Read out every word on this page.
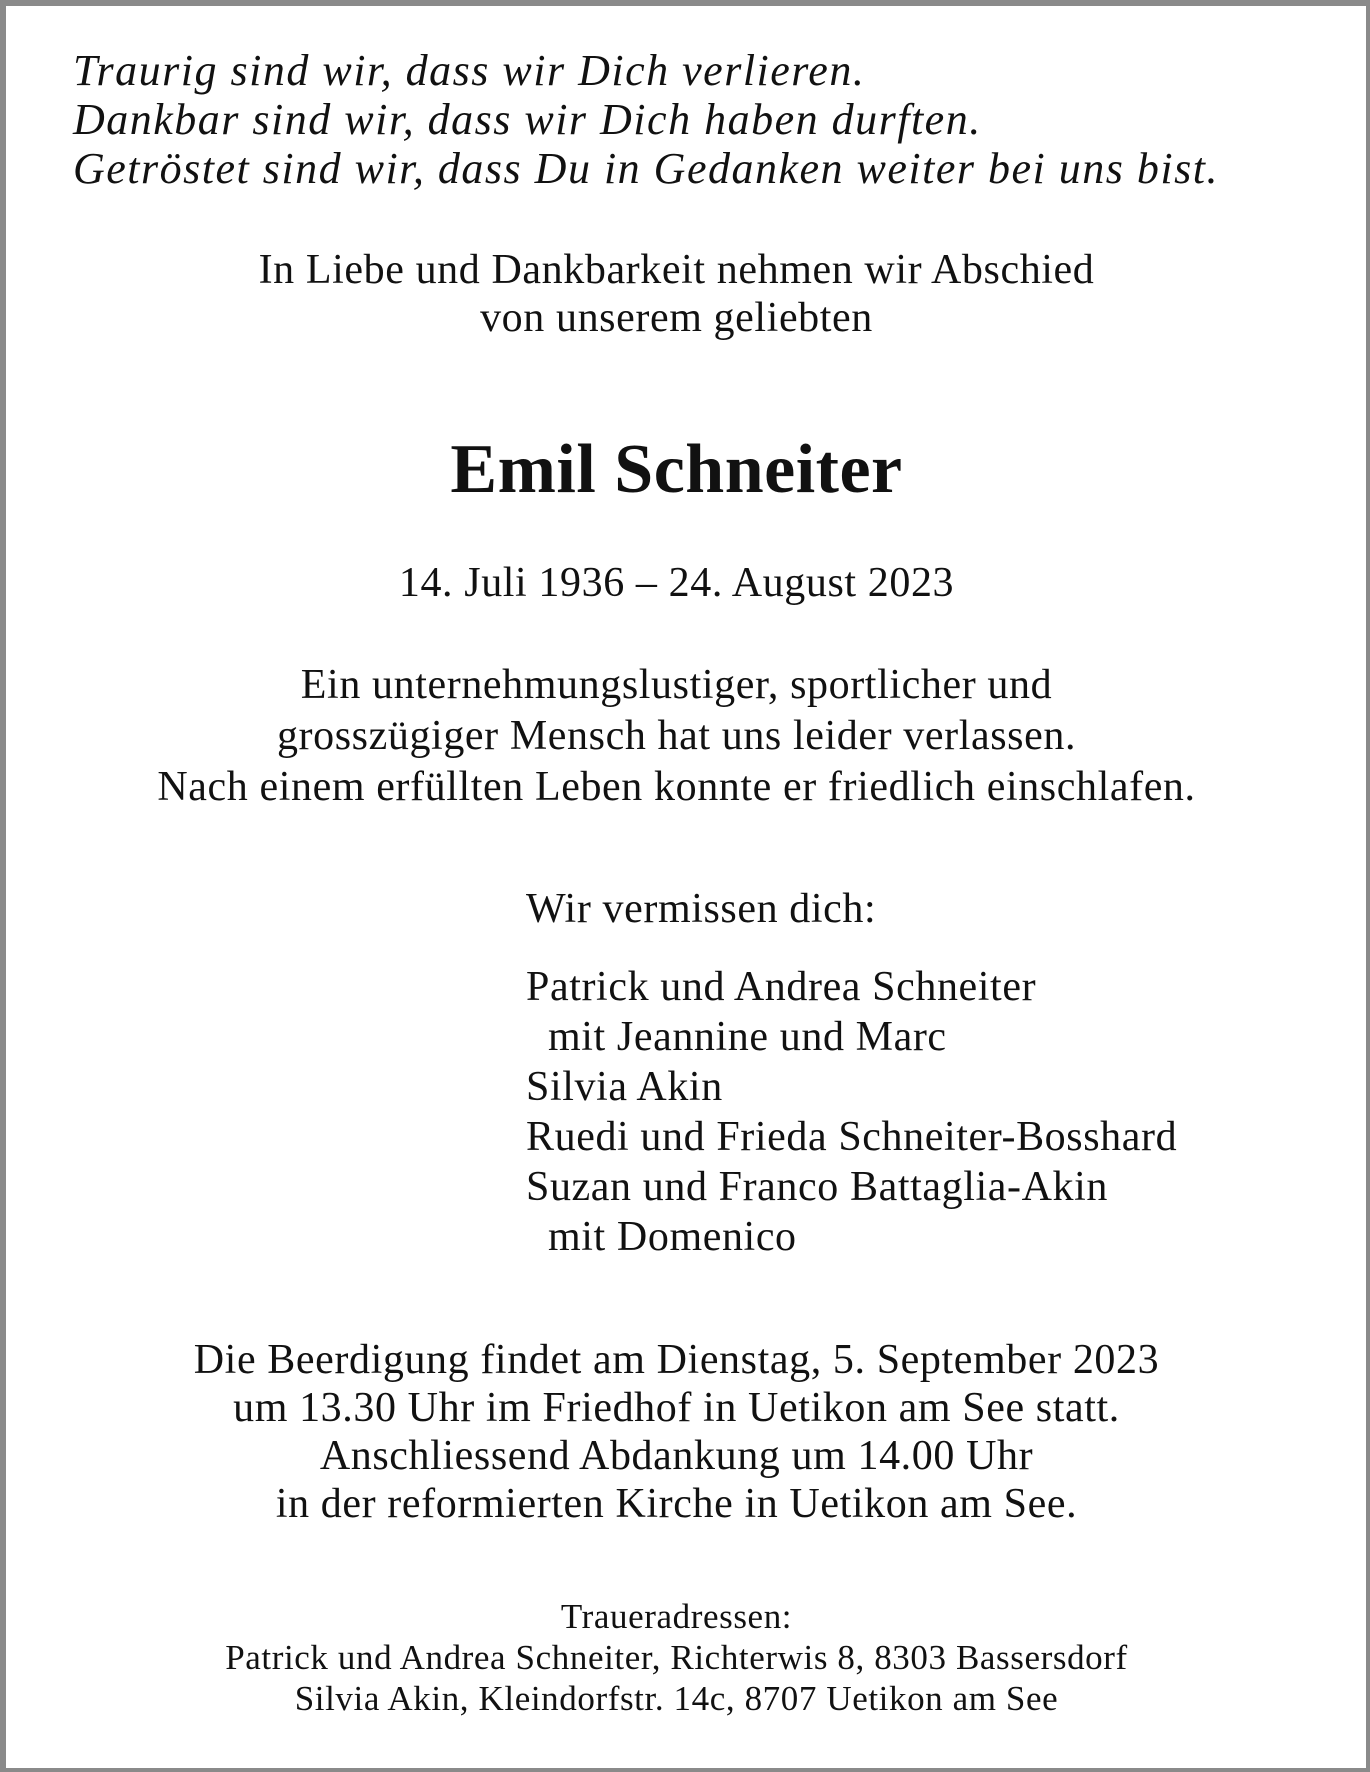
Traurig sind wir, dass wir Dich verlieren.
Dankbar sind wir, dass wir Dich haben durften.
Getröstet sind wir, dass Du in Gedanken weiter bei uns bist.
In Liebe und Dankbarkeit nehmen wir Abschied
von unserem geliebten
Emil Schneiter
14. Juli 1936 – 24. August 2023
Ein unternehmungslustiger, sportlicher und
grosszügiger Mensch hat uns leider verlassen.
Nach einem erfüllten Leben konnte er friedlich einschlafen.
Wir vermissen dich:
Patrick und Andrea Schneiter
mit Jeannine und Marc
Silvia Akin
Ruedi und Frieda Schneiter-Bosshard
Suzan und Franco Battaglia-Akin
mit Domenico
Die Beerdigung findet am Dienstag, 5. September 2023
um 13.30 Uhr im Friedhof in Uetikon am See statt.
Anschliessend Abdankung um 14.00 Uhr
in der reformierten Kirche in Uetikon am See.
Traueradressen:
Patrick und Andrea Schneiter, Richterwis 8, 8303 Bassersdorf
Silvia Akin, Kleindorfstr. 14c, 8707 Uetikon am See
